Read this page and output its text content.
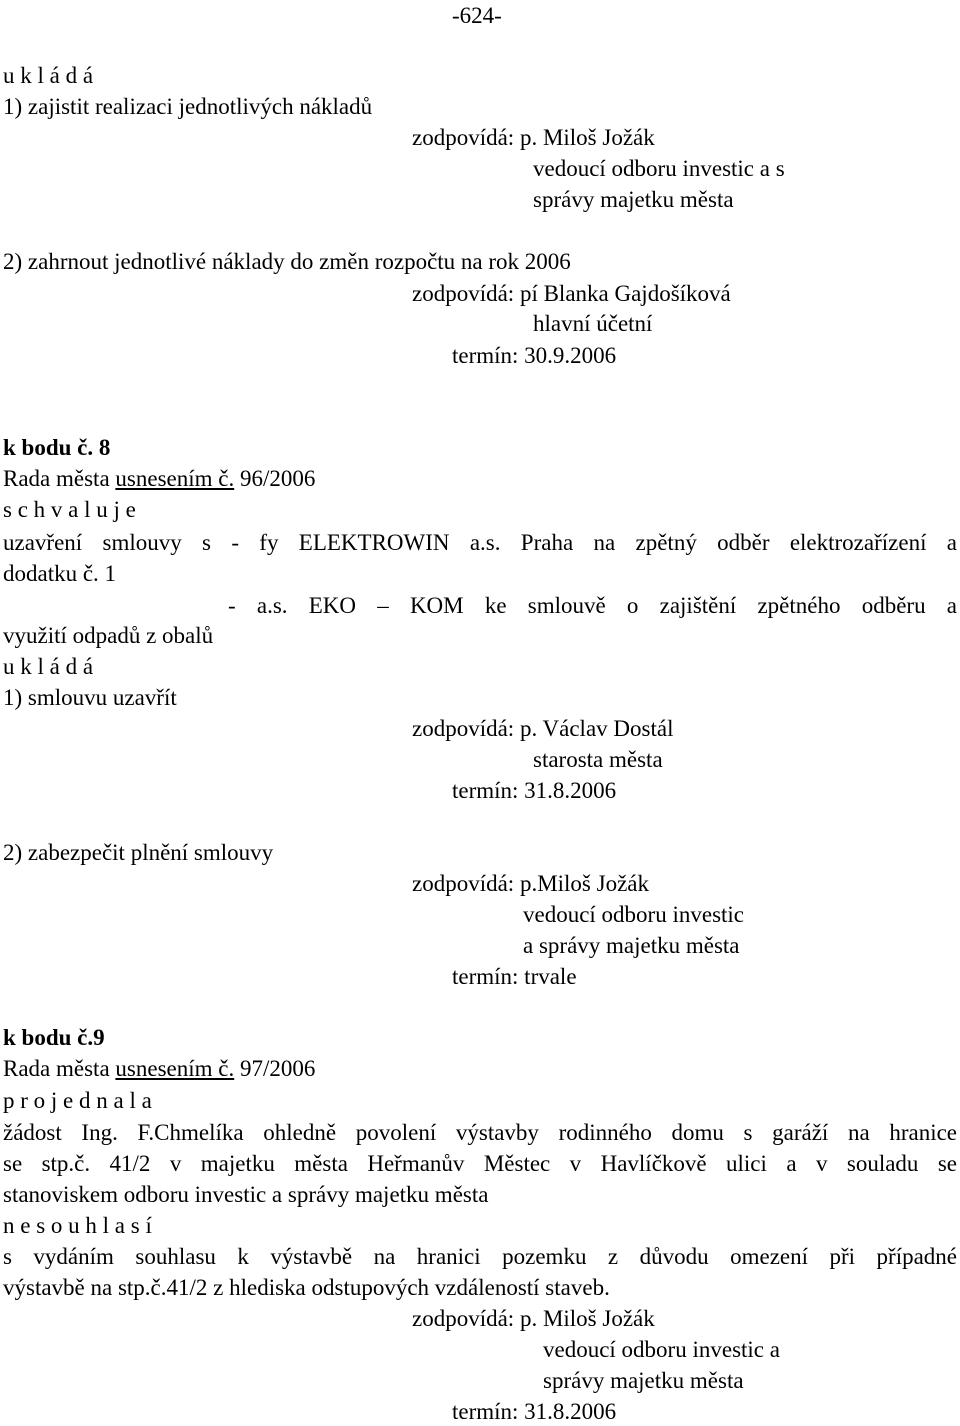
-624-
u k l á d á
1) zajistit realizaci jednotlivých nákladů
zodpovídá: p. Miloš Jožák
vedoucí odboru investic a s
správy majetku města
2) zahrnout jednotlivé náklady do změn rozpočtu na rok 2006
zodpovídá: pí Blanka Gajdošíková
hlavní účetní
termín: 30.9.2006
k bodu č. 8
Rada města usnesením č. 96/2006
s c h v a l u j e
uzavření smlouvy s - fy ELEKTROWIN a.s. Praha na zpětný odběr elektrozařízení a
dodatku č. 1
- a.s. EKO – KOM ke smlouvě o zajištění zpětného odběru a
využití odpadů z obalů
u k l á d á
1) smlouvu uzavřít
zodpovídá: p. Václav Dostál
starosta města
termín: 31.8.2006
2) zabezpečit plnění smlouvy
zodpovídá: p.Miloš Jožák
vedoucí odboru investic
a správy majetku města
termín: trvale
k bodu č.9
Rada města usnesením č. 97/2006
p r o j e d n a l a
žádost Ing. F.Chmelíka ohledně povolení výstavby rodinného domu s garáží na hranice
se stp.č. 41/2 v majetku města Heřmanův Městec v Havlíčkově ulici a v souladu se
stanoviskem odboru investic a správy majetku města
n e s o u h l a s í
s vydáním souhlasu k výstavbě na hranici pozemku z důvodu omezení při případné
výstavbě na stp.č.41/2 z hlediska odstupových vzdáleností staveb.
zodpovídá: p. Miloš Jožák
vedoucí odboru investic a
správy majetku města
termín: 31.8.2006
